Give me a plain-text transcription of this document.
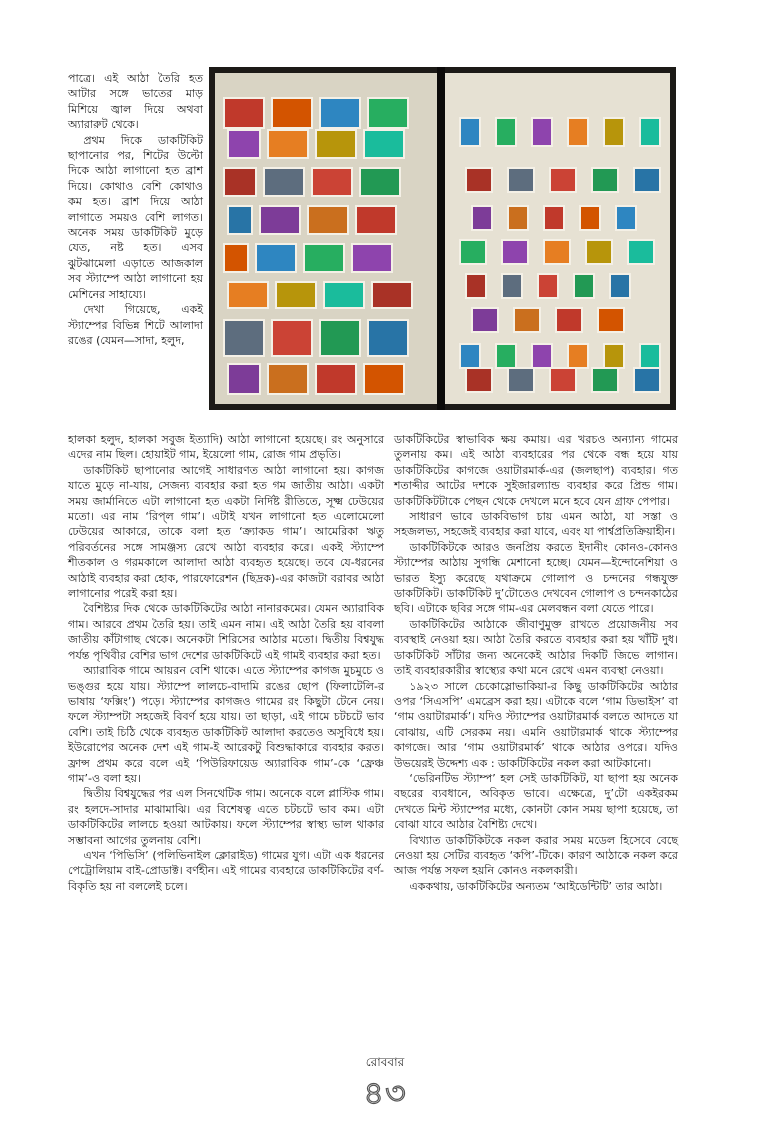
পাত্রে। এই আঠা তৈরি হত আটার সঙ্গে ভাতের মাড় মিশিয়ে জ্বাল দিয়ে অথবা অ্যারারুট থেকে।

প্রথম দিকে ডাকটিকিট ছাপানোর পর, শিটের উল্টো দিকে আঠা লাগানো হত ব্রাশ দিয়ে। কোথাও বেশি কোথাও কম হত। ব্রাশ দিয়ে আঠা লাগাতে সময়ও বেশি লাগত। অনেক সময় ডাকটিকিট মুড়ে যেত, নষ্ট হত। এসব ঝুটঝামেলা এড়াতে আজকাল সব স্ট্যাম্পে আঠা লাগানো হয় মেশিনের সাহায্যে।

দেখা গিয়েছে, একই স্ট্যাম্পের বিভিন্ন শিটে আলাদা রঙের (যেমন—সাদা, হলুদ,

হালকা হলুদ, হালকা সবুজ ইত্যাদি) আঠা লাগানো হয়েছে। রং অনুসারে এদের নাম ছিল। হোয়াইট গাম, ইয়েলো গাম, রোজ গাম প্রভৃতি।

ডাকটিকিট ছাপানোর আগেই সাধারণত আঠা লাগানো হয়। কাগজ যাতে মুড়ে না-যায়, সেজন্য ব্যবহার করা হত গম জাতীয় আঠা। একটা সময় জার্মানিতে এটা লাগানো হত একটা নির্দিষ্ট রীতিতে, সূক্ষ্ম ঢেউয়ের মতো। এর নাম ‘রিপ্‌ল গাম’। এটাই যখন লাগানো হত এলোমেলো ঢেউয়ের আকারে, তাকে বলা হত ‘ক্র্যাকড গাম’। আমেরিকা ঋতু পরিবর্তনের সঙ্গে সামঞ্জস্য রেখে আঠা ব্যবহার করে। একই স্ট্যাম্পে শীতকাল ও গরমকালে আলাদা আঠা ব্যবহৃত হয়েছে। তবে যে-ধরনের আঠাই ব্যবহার করা হোক, পারফোরেশন (ছিদ্রক)-এর কাজটা বরাবর আঠা লাগানোর পরেই করা হয়।

বৈশিষ্ট্যর দিক থেকে ডাকটিকিটের আঠা নানারকমের। যেমন অ্যারাবিক গাম। আরবে প্রথম তৈরি হয়। তাই এমন নাম। এই আঠা তৈরি হয় বাবলা জাতীয় কাঁটাগাছ থেকে। অনেকটা শিরিসের আঠার মতো। দ্বিতীয় বিশ্বযুদ্ধ পর্যন্ত পৃথিবীর বেশির ভাগ দেশের ডাকটিকিটে এই গামই ব্যবহার করা হত।

অ্যারাবিক গামে আয়রন বেশি থাকে। এতে স্ট্যাম্পের কাগজ মুচমুচে ও ভঙ্গুর হয়ে যায়। স্ট্যাম্পে লালচে-বাদামি রঙের ছোপ (ফিলাটেলি-র ভাষায় ‘ফক্সিং’) পড়ে। স্ট্যাম্পের কাগজও গামের রং কিছুটা টেনে নেয়। ফলে স্ট্যাম্পটা সহজেই বিবর্ণ হয়ে যায়। তা ছাড়া, এই গামে চটচটে ভাব বেশি। তাই চিঠি থেকে ব্যবহৃত ডাকটিকিট আলাদা করতেও অসুবিধে হয়। ইউরোপের অনেক দেশ এই গাম-ই আরেকটু বিশুদ্ধাকারে ব্যবহার করত। ফ্রান্স প্রথম করে বলে এই ‘পিউরিফায়েড অ্যারাবিক গাম’-কে ‘ফ্রেঞ্চ গাম’-ও বলা হয়।

দ্বিতীয় বিশ্বযুদ্ধের পর এল সিনথেটিক গাম। অনেকে বলে প্লাস্টিক গাম। রং হলদে-সাদার মাঝামাঝি। এর বিশেষত্ব এতে চটচটে ভাব কম। এটা ডাকটিকিটের লালচে হওয়া আটকায়। ফলে স্ট্যাম্পের স্বাস্থ্য ভাল থাকার সম্ভাবনা আগের তুলনায় বেশি।

এখন ‘পিভিসি’ (পলিভিনাইল ক্লোরাইড) গামের যুগ। এটা এক ধরনের পেট্রোলিয়াম বাই-প্রোডাক্ট। বর্ণহীন। এই গামের ব্যবহারে ডাকটিকিটের বর্ণ-বিকৃতি হয় না বললেই চলে।

ডাকটিকিটের স্বাভাবিক ক্ষয় কমায়। এর খরচও অন্যান্য গামের তুলনায় কম। এই আঠা ব্যবহারের পর থেকে বন্ধ হয়ে যায় ডাকটিকিটের কাগজে ওয়াটারমার্ক-এর (জলছাপ) ব্যবহার। গত শতাব্দীর আটের দশকে সুইজারল্যান্ড ব্যবহার করে প্রিন্ড গাম। ডাকটিকিটটাকে পেছন থেকে দেখলে মনে হবে যেন গ্রাফ পেপার।

সাধারণ ভাবে ডাকবিভাগ চায় এমন আঠা, যা সস্তা ও সহজলভ্য, সহজেই ব্যবহার করা যাবে, এবং যা পার্শ্বপ্রতিক্রিয়াহীন।

ডাকটিকিটকে আরও জনপ্রিয় করতে ইদানীং কোনও-কোনও স্ট্যাম্পের আঠায় সুগন্ধি মেশানো হচ্ছে। যেমন—ইন্দোনেশিয়া ও ভারত ইস্যু করেছে যথাক্রমে গোলাপ ও চন্দনের গন্ধযুক্ত ডাকটিকিট। ডাকটিকিট দু’টোতেও দেখবেন গোলাপ ও চন্দনকাঠের ছবি। এটাকে ছবির সঙ্গে গাম-এর মেলবন্ধন বলা যেতে পারে।

ডাকটিকিটের আঠাকে জীবাণুমুক্ত রাখতে প্রয়োজনীয় সব ব্যবস্থাই নেওয়া হয়। আঠা তৈরি করতে ব্যবহার করা হয় খাঁটি দুধ। ডাকটিকিট সাঁটার জন্য অনেকেই আঠার দিকটি জিভে লাগান। তাই ব্যবহারকারীর স্বাস্থ্যের কথা মনে রেখে এমন ব্যবস্থা নেওয়া।

১৯২৩ সালে চেকোস্লোভাকিয়া-র কিছু ডাকটিকিটের আঠার ওপর ‘সিএসপি’ এমব্রেস করা হয়। এটাকে বলে ‘গাম ডিভাইস’ বা ‘গাম ওয়াটারমার্ক’। যদিও স্ট্যাম্পের ওয়াটারমার্ক বলতে আদতে যা বোঝায়, এটি সেরকম নয়। এমনি ওয়াটারমার্ক থাকে স্ট্যাম্পের কাগজে। আর ‘গাম ওয়াটারমার্ক’ থাকে আঠার ওপরে। যদিও উভয়েরই উদ্দেশ্য এক : ডাকটিকিটের নকল করা আটকানো।

‘ভেরিনটিভ স্ট্যাম্প’ হল সেই ডাকটিকিট, যা ছাপা হয় অনেক বছরের ব্যবধানে, অবিকৃত ভাবে। এক্ষেত্রে, দু’টো একইরকম দেখতে মিন্ট স্ট্যাম্পের মধ্যে, কোনটা কোন সময় ছাপা হয়েছে, তা বোঝা যাবে আঠার বৈশিষ্ট্য দেখে।

বিখ্যাত ডাকটিকিটকে নকল করার সময় মডেল হিসেবে বেছে নেওয়া হয় সেটির ব্যবহৃত ‘কপি’-টিকে। কারণ আঠাকে নকল করে আজ পর্যন্ত সফল হয়নি কোনও নকলকারী।

এককথায়, ডাকটিকিটের অন্যতম ‘আইডেন্টিটি’ তার আঠা।

রোববার
৪৩
